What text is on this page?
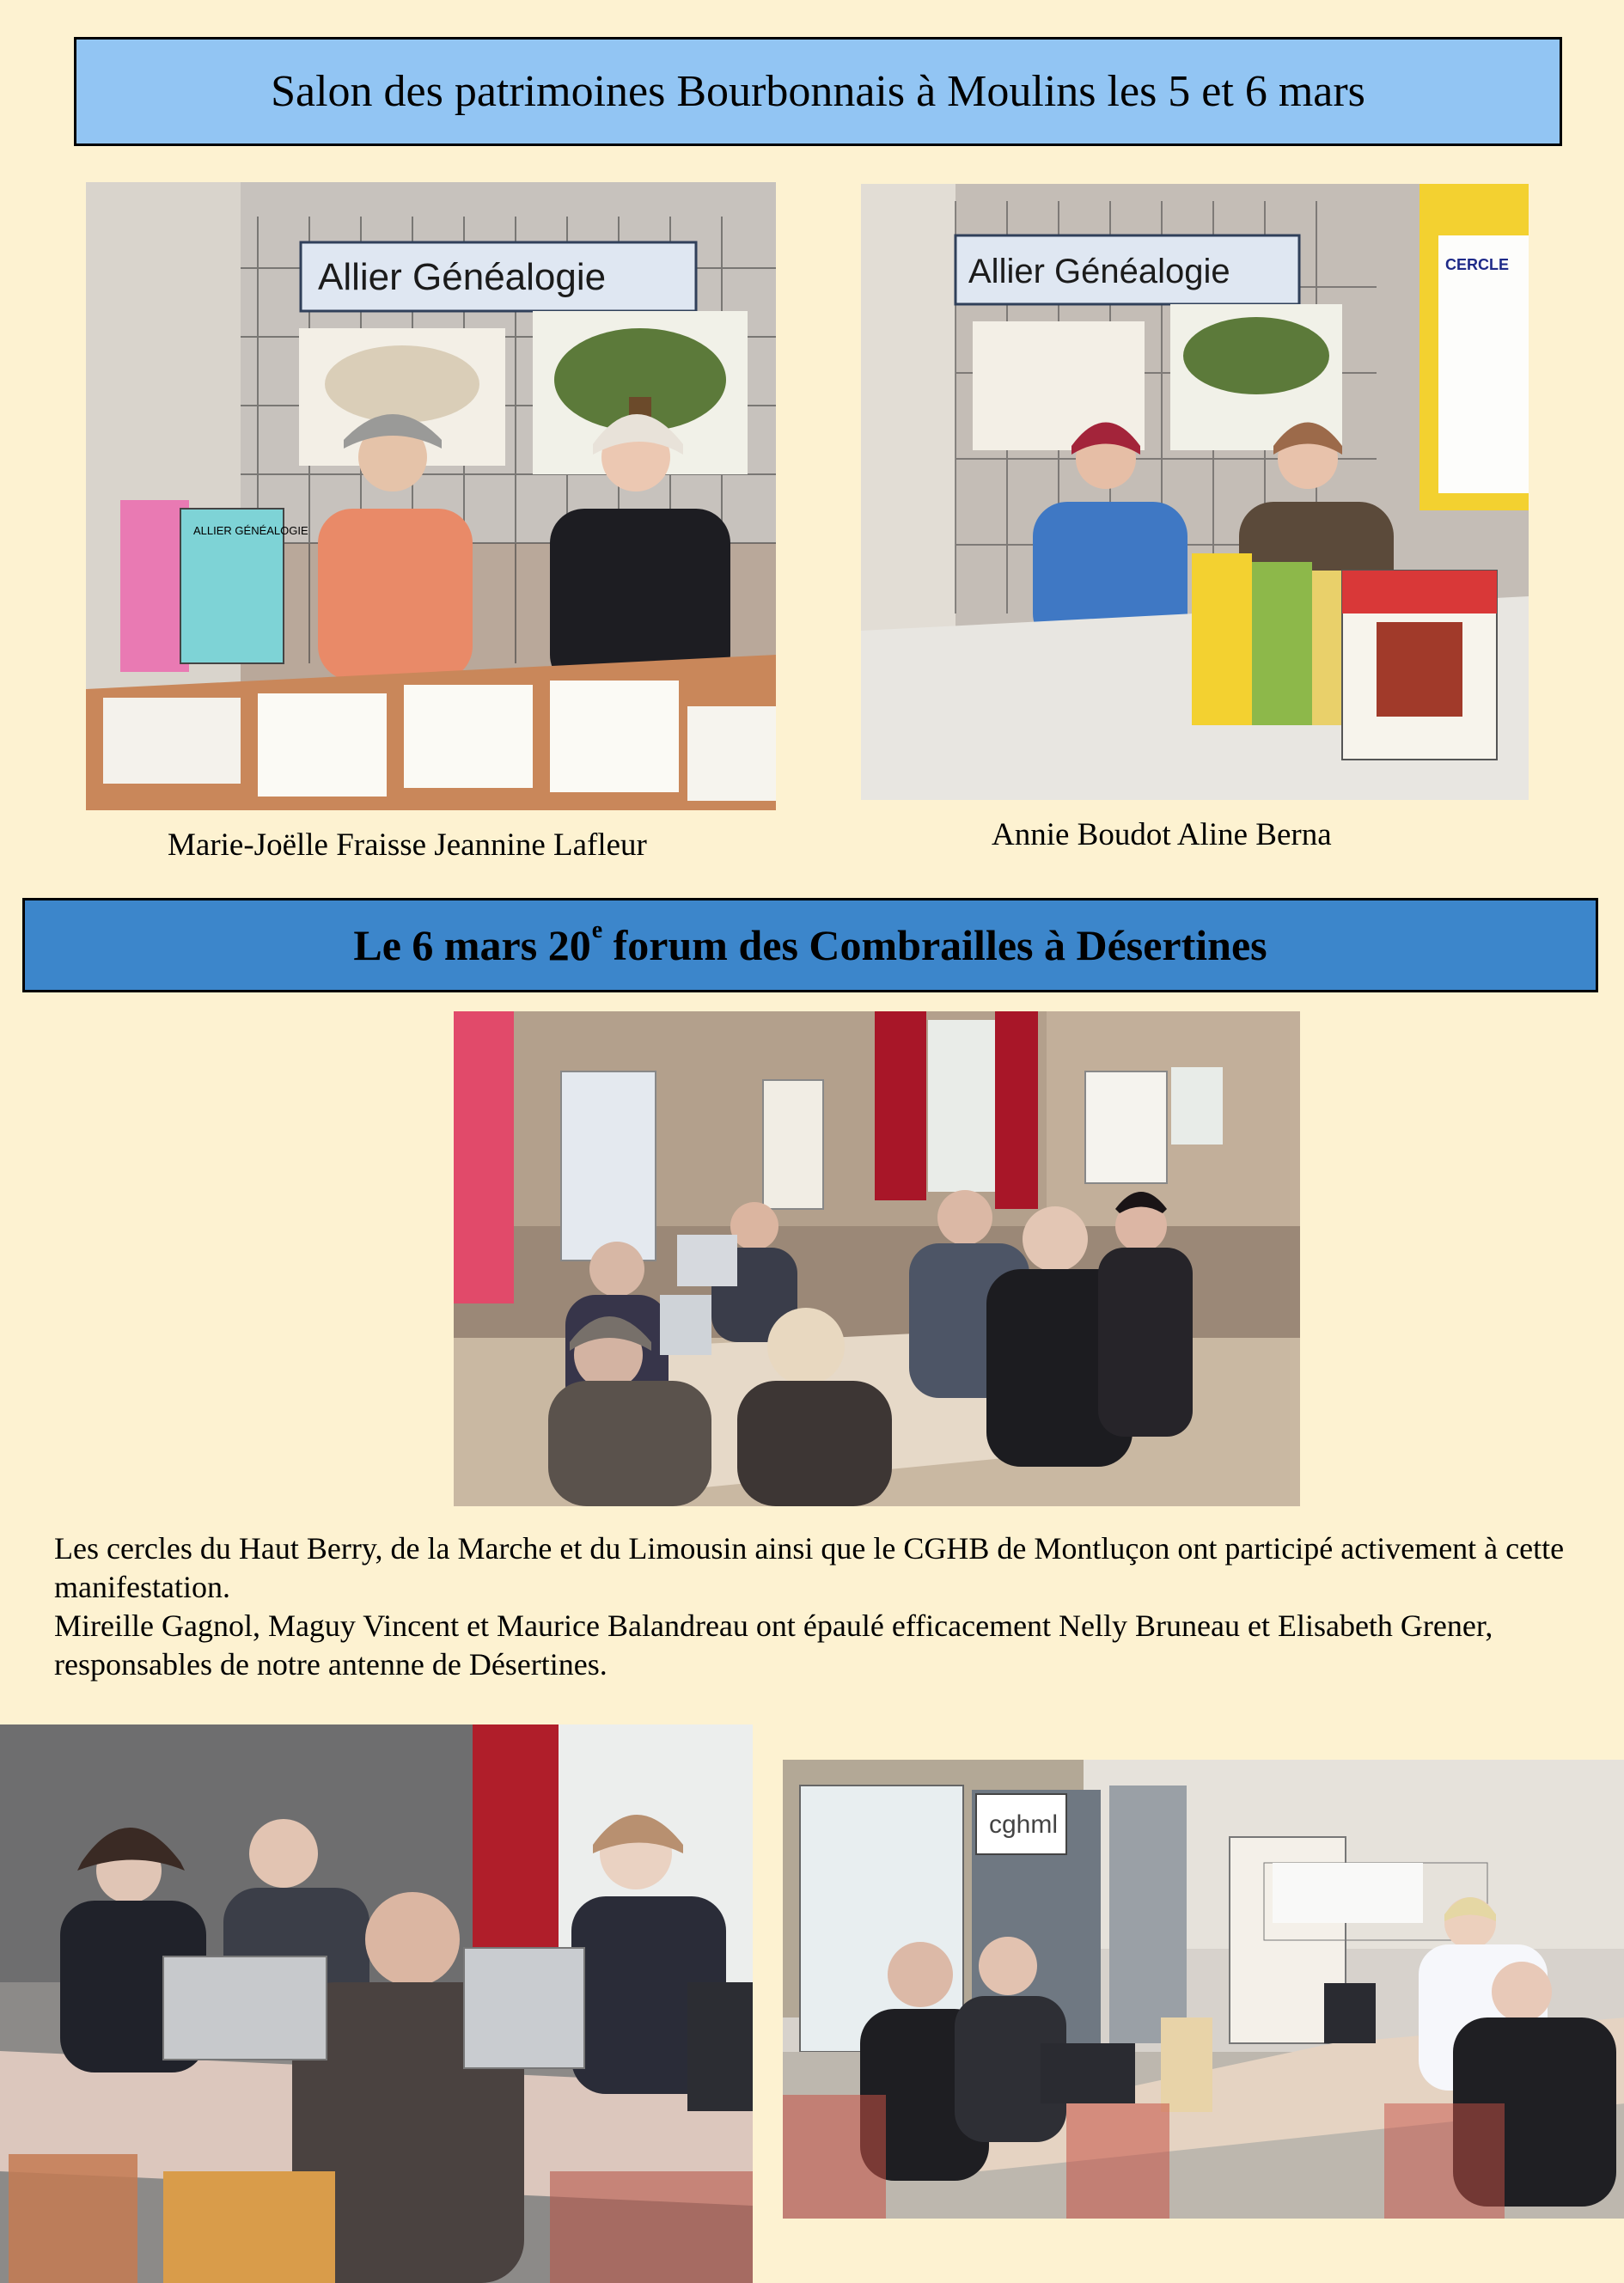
Salon des patrimoines Bourbonnais à Moulins les 5 et 6 mars
Allier Généalogie
ALLIER GÉNÉALOGIE
Allier Généalogie	CERCLE
Marie-Joëlle Fraisse Jeannine Lafleur	Annie Boudot Aline Berna
Le 6 mars 20e forum des Combrailles à Désertines

Les cercles du Haut Berry, de la Marche et du Limousin ainsi que le CGHB de Montluçon ont participé activement à cette manifestation.

Mireille Gagnol, Maguy Vincent et Maurice Balandreau ont épaulé efficacement Nelly Bruneau et Elisabeth Grener, responsables de notre antenne de Désertines.

cghml
